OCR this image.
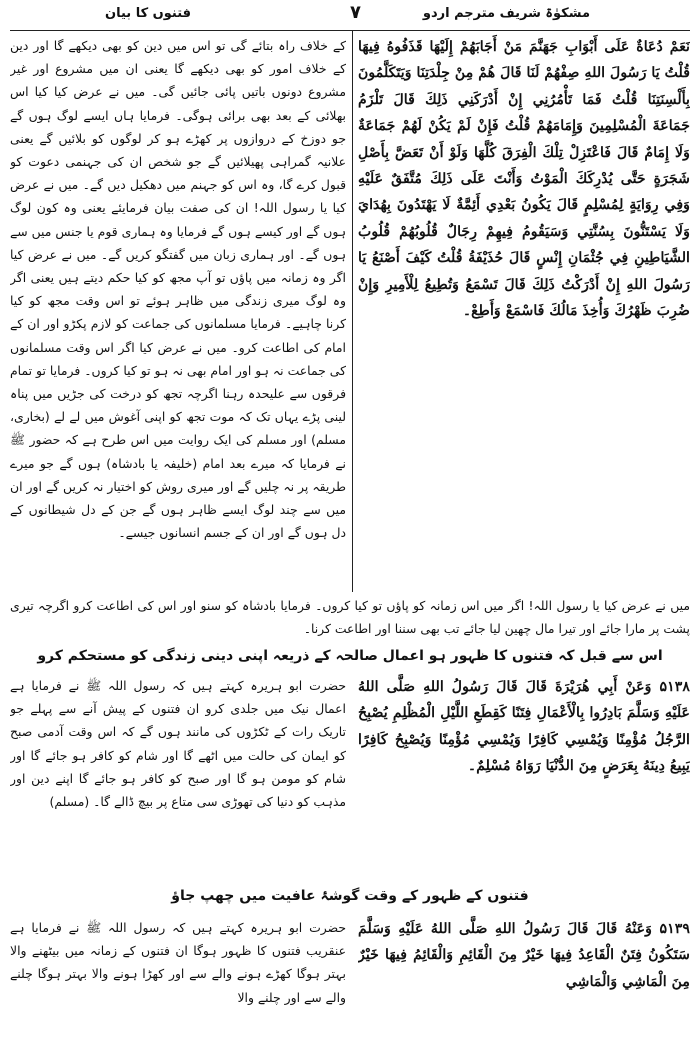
فتنوں کا بیان	۷	مشکوٰۃ شریف مترجم اردو

کے خلاف راہ بتائے گی تو اس میں دین کو بھی دیکھے گا اور دین کے خلاف امور کو بھی دیکھے گا یعنی ان میں مشروع اور غیر مشروع دونوں باتیں پائی جائیں گی۔ میں نے عرض کیا کیا اس بھلائی کے بعد بھی برائی ہوگی۔ فرمایا ہاں ایسے لوگ ہوں گے جو دوزخ کے دروازوں پر کھڑے ہو کر لوگوں کو بلائیں گے یعنی علانیہ گمراہی پھیلائیں گے جو شخص ان کی جہنمی دعوت کو قبول کرے گا، وہ اس کو جہنم میں دھکیل دیں گے۔ میں نے عرض کیا یا رسول اللہ! ان کی صفت بیان فرمایئے یعنی وہ کون لوگ ہوں گے اور کیسے ہوں گے فرمایا وہ ہماری قوم یا جنس میں سے ہوں گے۔ اور ہماری زبان میں گفتگو کریں گے۔ میں نے عرض کیا اگر وہ زمانہ میں پاؤں تو آپ مجھ کو کیا حکم دیتے ہیں یعنی اگر وہ لوگ میری زندگی میں ظاہر ہوئے تو اس وقت مجھ کو کیا کرنا چاہیے۔ فرمایا مسلمانوں کی جماعت کو لازم پکڑو اور ان کے امام کی اطاعت کرو۔ میں نے عرض کیا اگر اس وقت مسلمانوں کی جماعت نہ ہو اور امام بھی نہ ہو تو کیا کروں۔ فرمایا تو تمام فرقوں سے علیحدہ رہنا اگرچہ تجھ کو درخت کی جڑیں میں پناہ لینی پڑے یہاں تک کہ موت تجھ کو اپنی آغوش میں لے لے (بخاری، مسلم) اور مسلم کی ایک روایت میں اس طرح ہے کہ حضور ﷺ نے فرمایا کہ میرے بعد امام (خلیفہ یا بادشاہ) ہوں گے جو میرے طریقہ پر نہ چلیں گے اور میری روش کو اختیار نہ کریں گے اور ان میں سے چند لوگ ایسے ظاہر ہوں گے جن کے دل شیطانوں کے دل ہوں گے اور ان کے جسم انسانوں جیسے۔

نَعَمْ دُعَاةٌ عَلَى أَبْوَابِ جَهَنَّمَ مَنْ أَجَابَهُمْ إِلَيْهَا قَذَفُوهُ فِيهَا قُلْتُ يَا رَسُولَ اللهِ صِفْهُمْ لَنَا قَالَ هُمْ مِنْ جِلْدَتِنَا وَيَتَكَلَّمُونَ بِأَلْسِنَتِنَا قُلْتُ فَمَا تَأْمُرُنِي إِنْ أَدْرَكَنِي ذَلِكَ قَالَ تَلْزَمُ جَمَاعَةَ الْمُسْلِمِينَ وَإِمَامَهُمْ قُلْتُ فَإِنْ لَمْ يَكُنْ لَهُمْ جَمَاعَةٌ وَلَا إِمَامٌ قَالَ فَاعْتَزِلْ تِلْكَ الْفِرَقَ كُلَّهَا وَلَوْ أَنْ تَعَضَّ بِأَصْلِ شَجَرَةٍ حَتَّى يُدْرِكَكَ الْمَوْتُ وَأَنْتَ عَلَى ذَلِكَ مُتَّفَقٌ عَلَيْهِ وَفِي رِوَايَةٍ لِمُسْلِمٍ قَالَ يَكُونُ بَعْدِي أَئِمَّةٌ لَا يَهْتَدُونَ بِهُدَايَ وَلَا يَسْتَنُّونَ بِسُنَّتِي وَسَيَقُومُ فِيهِمْ رِجَالٌ قُلُوبُهُمْ قُلُوبُ الشَّيَاطِينِ فِي جُثْمَانِ إِنْسٍ قَالَ حُذَيْفَةُ قُلْتُ كَيْفَ أَصْنَعُ يَا رَسُولَ اللهِ إِنْ أَدْرَكْتُ ذَلِكَ قَالَ تَسْمَعُ وَتُطِيعُ لِلْأَمِيرِ وَإِنْ ضُرِبَ ظَهْرُكَ وَأُخِذَ مَالُكَ فَاسْمَعْ وَأَطِعْ۔

میں نے عرض کیا یا رسول اللہ! اگر میں اس زمانہ کو پاؤں تو کیا کروں۔ فرمایا بادشاہ کو سنو اور اس کی اطاعت کرو اگرچہ تیری پشت پر مارا جائے اور تیرا مال چھین لیا جائے تب بھی سننا اور اطاعت کرنا۔

اس سے قبل کہ فتنوں کا ظہور ہو اعمال صالحہ کے ذریعہ اپنی دینی زندگی کو مستحکم کرو

حضرت ابو ہریرہ کہتے ہیں کہ رسول اللہ ﷺ نے فرمایا ہے اعمال نیک میں جلدی کرو ان فتنوں کے پیش آنے سے پہلے جو تاریک رات کے ٹکڑوں کی مانند ہوں گے کہ اس وقت آدمی صبح کو ایمان کی حالت میں اٹھے گا اور شام کو کافر ہو جائے گا اور شام کو مومن ہو گا اور صبح کو کافر ہو جائے گا اپنے دین اور مذہب کو دنیا کی تھوڑی سی متاع پر بیچ ڈالے گا۔ (مسلم)

۵۱۳۸ وَعَنْ أَبِي هُرَيْرَةَ قَالَ قَالَ رَسُولُ اللهِ صَلَّى اللهُ عَلَيْهِ وَسَلَّمَ بَادِرُوا بِالْأَعْمَالِ فِتَنًا كَقِطَعِ اللَّيْلِ الْمُظْلِمِ يُصْبِحُ الرَّجُلُ مُؤْمِنًا وَيُمْسِي كَافِرًا وَيُمْسِي مُؤْمِنًا وَيُصْبِحُ كَافِرًا يَبِيعُ دِينَهُ بِعَرَضٍ مِنَ الدُّنْيَا رَوَاهُ مُسْلِمٌ۔

فتنوں کے ظہور کے وقت گوشۂ عافیت میں چھپ جاؤ

حضرت ابو ہریرہ کہتے ہیں کہ رسول اللہ ﷺ نے فرمایا ہے عنقریب فتنوں کا ظہور ہوگا ان فتنوں کے زمانہ میں بیٹھنے والا بہتر ہوگا کھڑے ہونے والے سے اور کھڑا ہونے والا بہتر ہوگا چلنے والے سے اور چلنے والا

۵۱۳۹ وَعَنْهُ قَالَ قَالَ رَسُولُ اللهِ صَلَّى اللهُ عَلَيْهِ وَسَلَّمَ سَتَكُونُ فِتَنٌ الْقَاعِدُ فِيهَا خَيْرٌ مِنَ الْقَائِمِ وَالْقَائِمُ فِيهَا خَيْرٌ مِنَ الْمَاشِي وَالْمَاشِي
